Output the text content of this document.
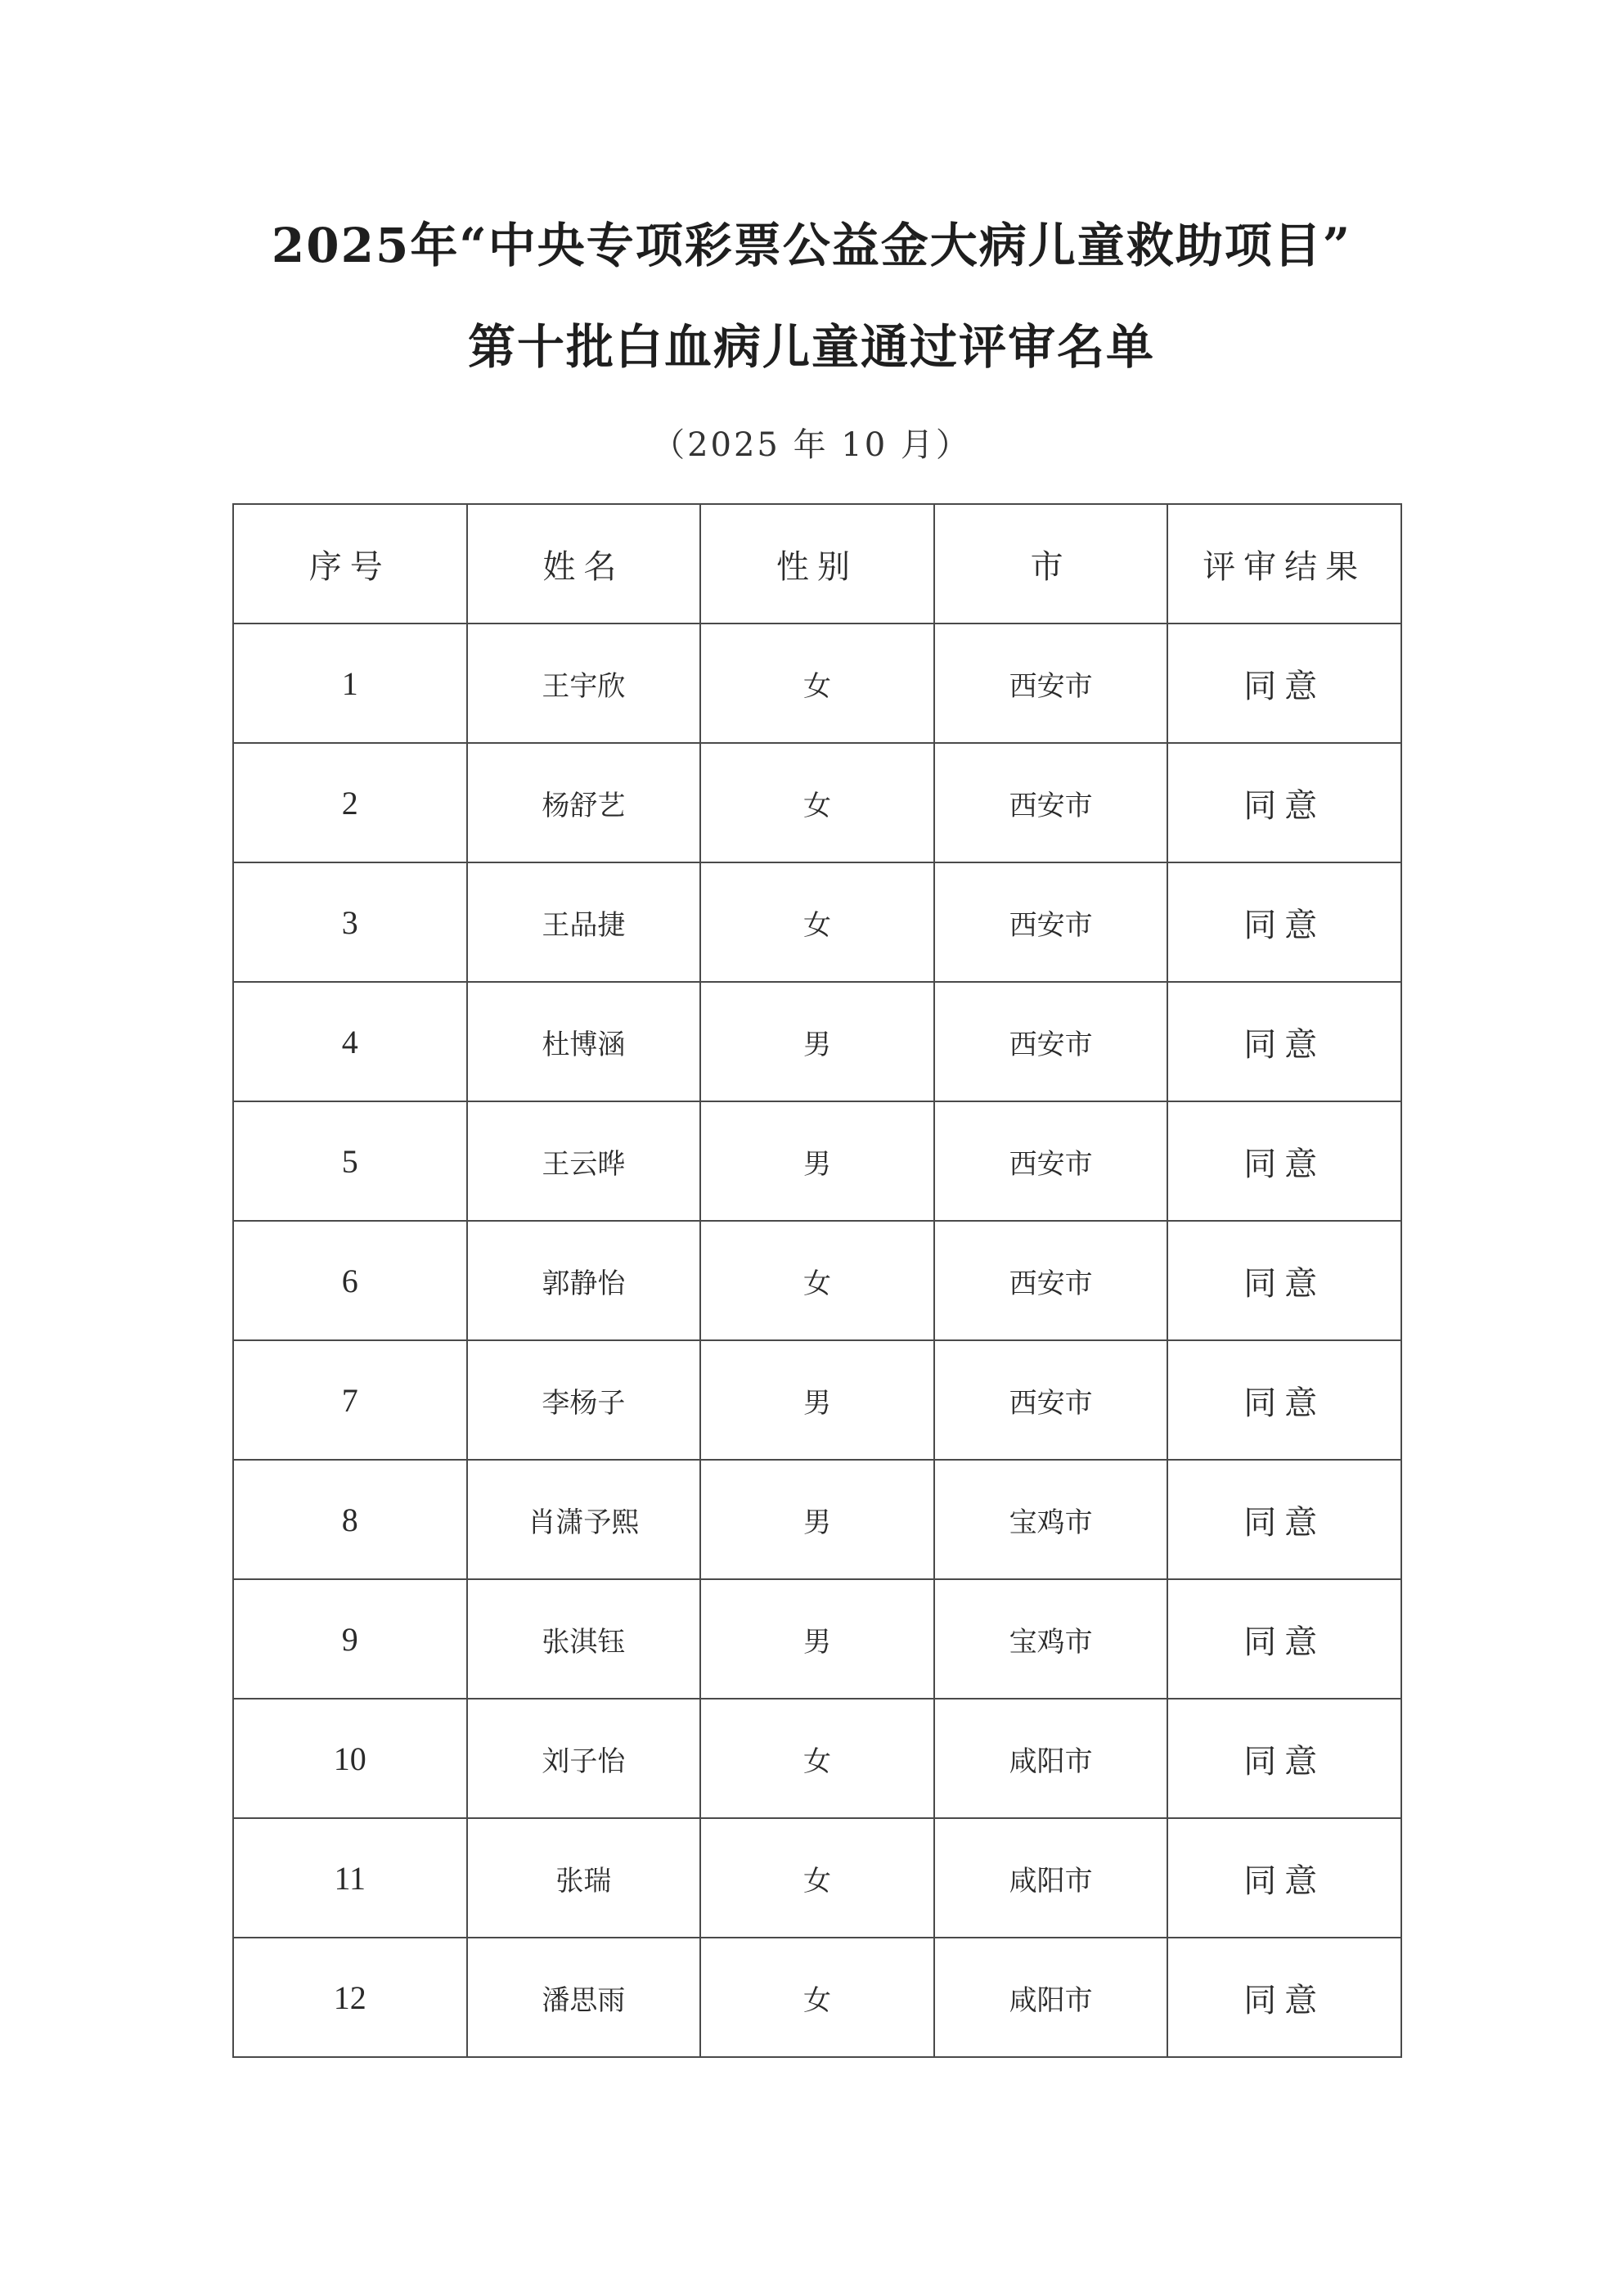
2025年“中央专项彩票公益金大病儿童救助项目”
第十批白血病儿童通过评审名单
（2025 年 10 月）
序号	姓名	性别	市	评审结果
1	王宇欣	女	西安市	同意
2	杨舒艺	女	西安市	同意
3	王品捷	女	西安市	同意
4	杜博涵	男	西安市	同意
5	王云晔	男	西安市	同意
6	郭静怡	女	西安市	同意
7	李杨子	男	西安市	同意
8	肖潇予熙	男	宝鸡市	同意
9	张淇钰	男	宝鸡市	同意
10	刘子怡	女	咸阳市	同意
11	张瑞	女	咸阳市	同意
12	潘思雨	女	咸阳市	同意
